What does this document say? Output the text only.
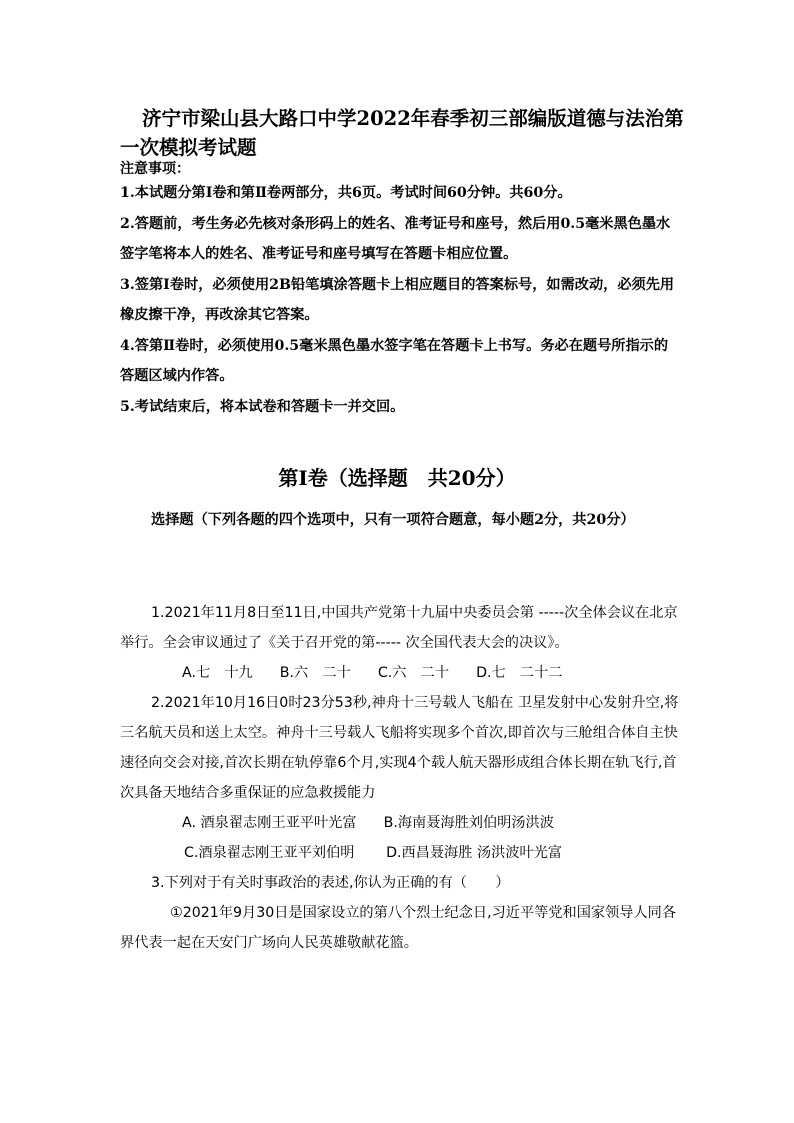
济宁市梁山县大路口中学2022年春季初三部编版道德与法治第一次模拟考试题
注意事项：

1.本试题分第Ⅰ卷和第Ⅱ卷两部分，共6页。考试时间60分钟。共60分。

2.答题前，考生务必先核对条形码上的姓名、准考证号和座号，然后用0.5毫米黑色墨水签字笔将本人的姓名、准考证号和座号填写在答题卡相应位置。

3.签第Ⅰ卷时，必须使用2B铅笔填涂答题卡上相应题目的答案标号，如需改动，必须先用橡皮擦干净，再改涂其它答案。

4.答第Ⅱ卷时，必须使用0.5毫米黑色墨水签字笔在答题卡上书写。务必在题号所指示的答题区域内作答。

5.考试结束后，将本试卷和答题卡一并交回。

第Ⅰ卷（选择题　共20分）

选择题（下列各题的四个选项中，只有一项符合题意，每小题2分，共20分）

1.2021年11月8日至11日,中国共产党第十九届中央委员会第 -----次全体会议在北京举行。全会审议通过了《关于召开党的第----- 次全国代表大会的决议》。

A.七　十九 B.六　二十 C.六　二十 D.七　二十二

2.2021年10月16日0时23分53秒,神舟十三号载人飞船在 卫星发射中心发射升空,将三名航天员和送上太空。神舟十三号载人飞船将实现多个首次,即首次与三舱组合体自主快速径向交会对接,首次长期在轨停靠6个月,实现4个载人航天器形成组合体长期在轨飞行,首次具备天地结合多重保证的应急救援能力

A. 酒泉翟志刚王亚平叶光富 B.海南聂海胜刘伯明汤洪波

C.酒泉翟志刚王亚平刘伯明 D.西昌聂海胜 汤洪波叶光富

3.下列对于有关时事政治的表述,你认为正确的有（　　）

①2021年9月30日是国家设立的第八个烈士纪念日,习近平等党和国家领导人同各界代表一起在天安门广场向人民英雄敬献花篮。
